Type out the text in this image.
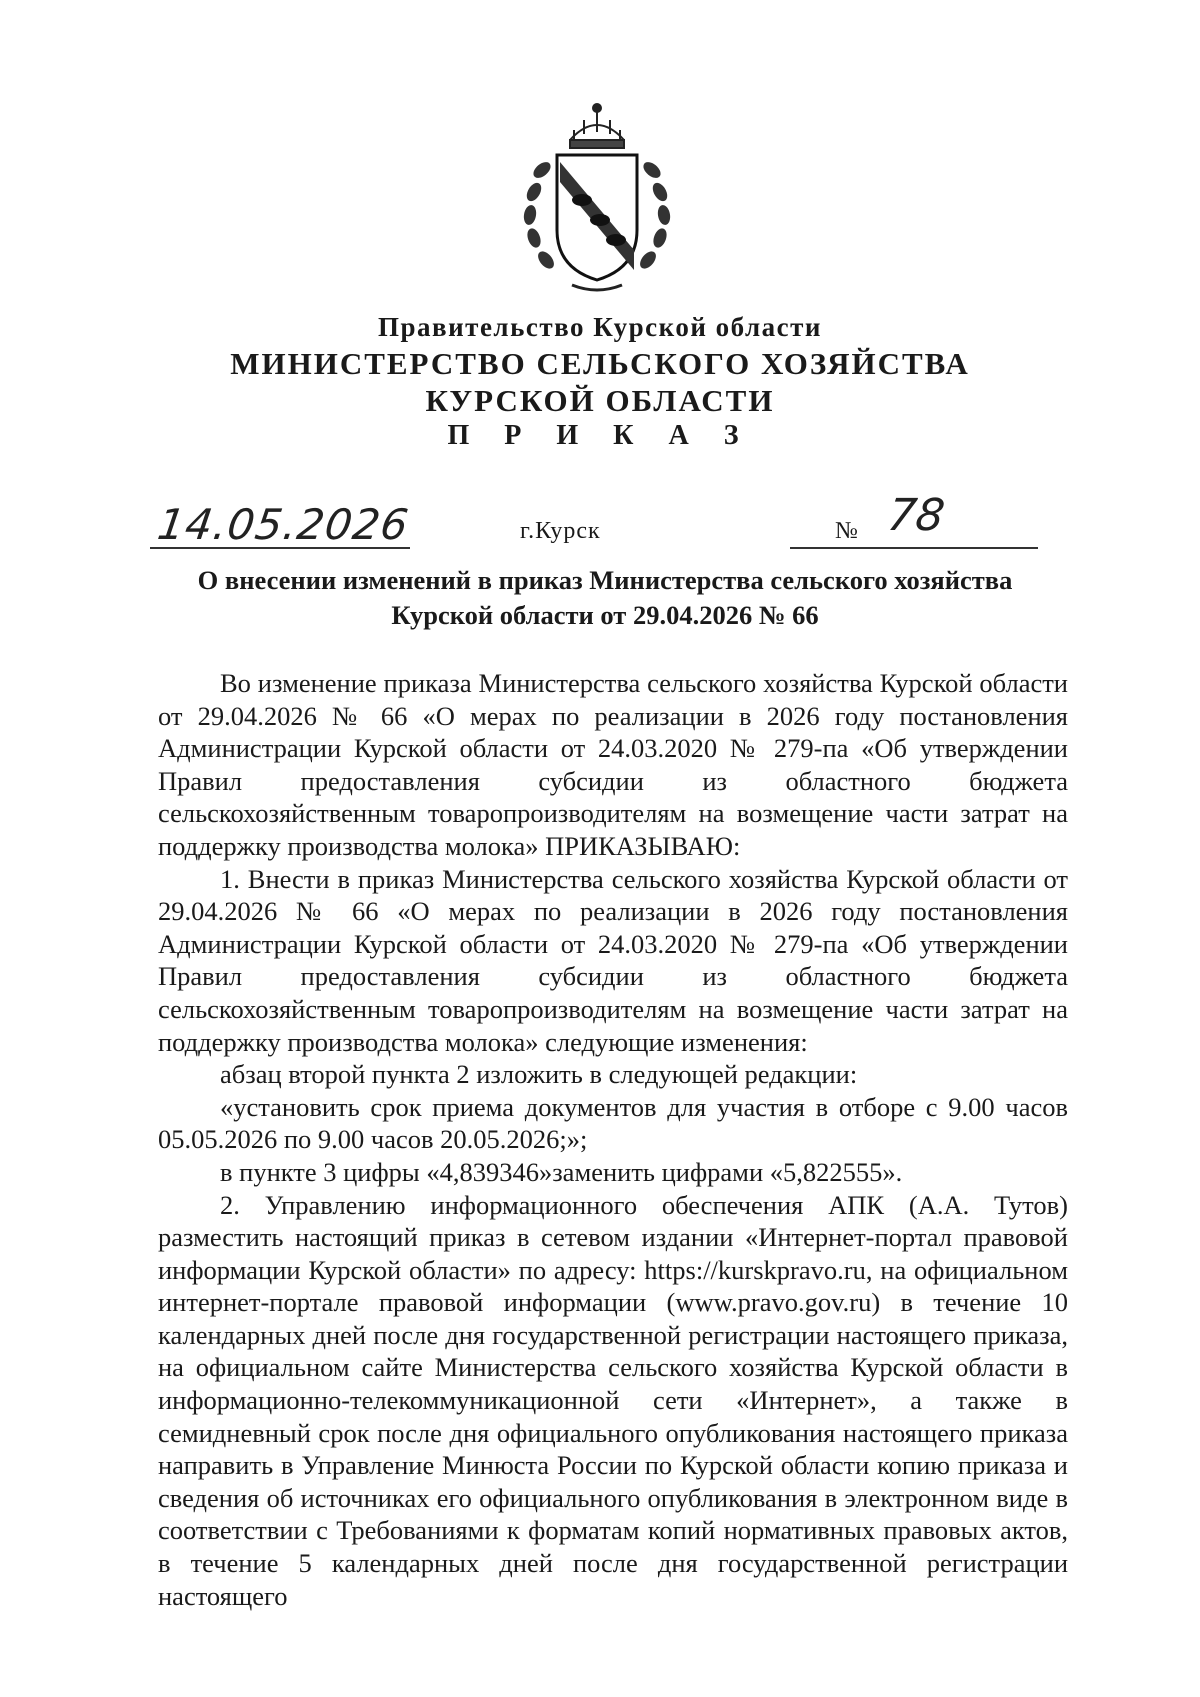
Правительство Курской области
МИНИСТЕРСТВО СЕЛЬСКОГО ХОЗЯЙСТВА
КУРСКОЙ ОБЛАСТИ
П Р И К А З
14.05.2026	г.Курск	№ 78
О внесении изменений в приказ Министерства сельского хозяйства
Курской области от 29.04.2026 № 66

Во изменение приказа Министерства сельского хозяйства Курской области от 29.04.2026 № 66 «О мерах по реализации в 2026 году постановления Администрации Курской области от 24.03.2020 № 279-па «Об утверждении Правил предоставления субсидии из областного бюджета сельскохозяйственным товаропроизводителям на возмещение части затрат на поддержку производства молока» ПРИКАЗЫВАЮ:

1. Внести в приказ Министерства сельского хозяйства Курской области от 29.04.2026 № 66 «О мерах по реализации в 2026 году постановления Администрации Курской области от 24.03.2020 № 279-па «Об утверждении Правил предоставления субсидии из областного бюджета сельскохозяйственным товаропроизводителям на возмещение части затрат на поддержку производства молока» следующие изменения:

абзац второй пункта 2 изложить в следующей редакции:

«установить срок приема документов для участия в отборе с 9.00 часов 05.05.2026 по 9.00 часов 20.05.2026;»;

в пункте 3 цифры «4,839346»заменить цифрами «5,822555».

2. Управлению информационного обеспечения АПК (А.А. Тутов) разместить настоящий приказ в сетевом издании «Интернет-портал правовой информации Курской области» по адресу: https://kurskpravo.ru, на официальном интернет-портале правовой информации (www.pravo.gov.ru) в течение 10 календарных дней после дня государственной регистрации настоящего приказа, на официальном сайте Министерства сельского хозяйства Курской области в информационно-телекоммуникационной сети «Интернет», а также в семидневный срок после дня официального опубликования настоящего приказа направить в Управление Минюста России по Курской области копию приказа и сведения об источниках его официального опубликования в электронном виде в соответствии с Требованиями к форматам копий нормативных правовых актов, в течение 5 календарных дней после дня государственной регистрации настоящего
